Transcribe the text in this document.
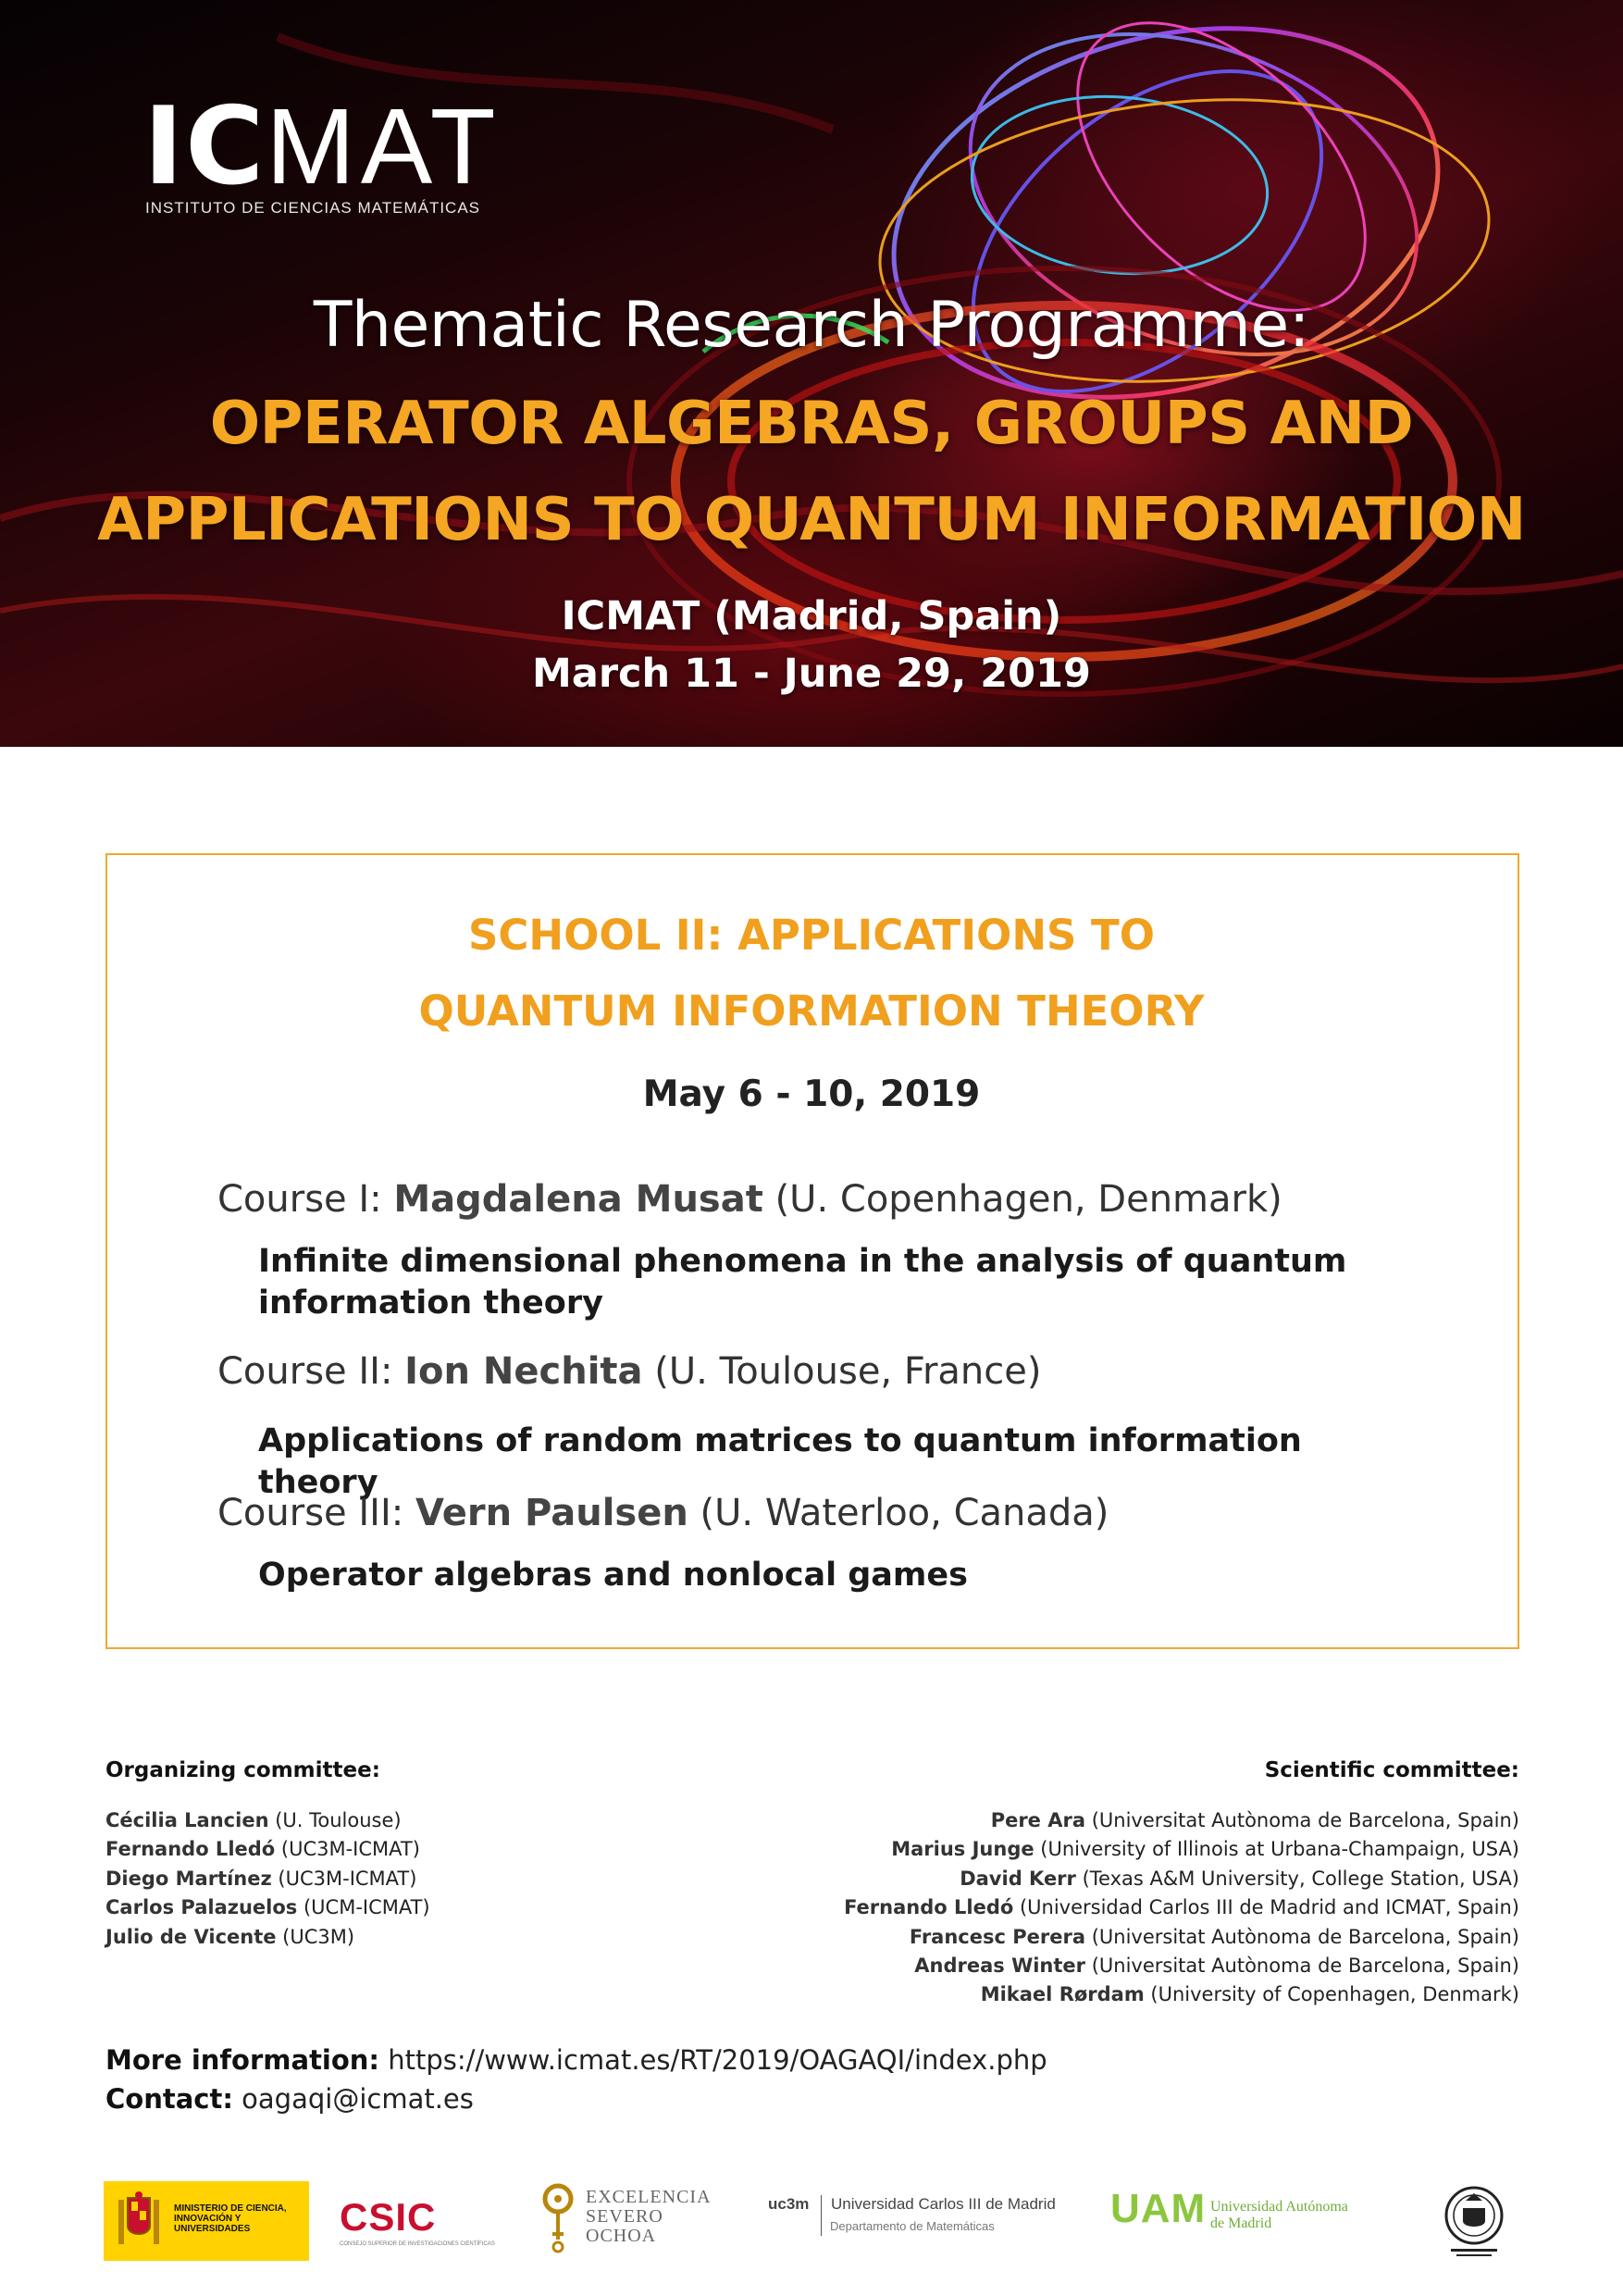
ICMAT
INSTITUTO DE CIENCIAS MATEMÁTICAS
Thematic Research Programme:
OPERATOR ALGEBRAS, GROUPS AND
APPLICATIONS TO QUANTUM INFORMATION
ICMAT (Madrid, Spain)
March 11 - June 29, 2019
SCHOOL II: APPLICATIONS TO
QUANTUM INFORMATION THEORY
May 6 - 10, 2019
Course I: Magdalena Musat (U. Copenhagen, Denmark)
Infinite dimensional phenomena in the analysis of quantum information theory
Course II: Ion Nechita (U. Toulouse, France)
Applications of random matrices to quantum information theory
Course III: Vern Paulsen (U. Waterloo, Canada)
Operator algebras and nonlocal games
Organizing committee:
Cécilia Lancien (U. Toulouse)
Fernando Lledó (UC3M-ICMAT)
Diego Martínez (UC3M-ICMAT)
Carlos Palazuelos (UCM-ICMAT)
Julio de Vicente (UC3M)
Scientific committee:
Pere Ara (Universitat Autònoma de Barcelona, Spain)
Marius Junge (University of Illinois at Urbana-Champaign, USA)
David Kerr (Texas A&M University, College Station, USA)
Fernando Lledó (Universidad Carlos III de Madrid and ICMAT, Spain)
Francesc Perera (Universitat Autònoma de Barcelona, Spain)
Andreas Winter (Universitat Autònoma de Barcelona, Spain)
Mikael Rørdam (University of Copenhagen, Denmark)
More information: https://www.icmat.es/RT/2019/OAGAQI/index.php
Contact: oagaqi@icmat.es
MINISTERIO DE CIENCIA, INNOVACIÓN Y UNIVERSIDADES	CSIC
CONSEJO SUPERIOR DE INVESTIGACIONES CIENTÍFICAS
EXCELENCIA
SEVERO
OCHOA
uc3m	Universidad Carlos III de Madrid
Departamento de Matemáticas	UAM Universidad Autónoma
de Madrid
